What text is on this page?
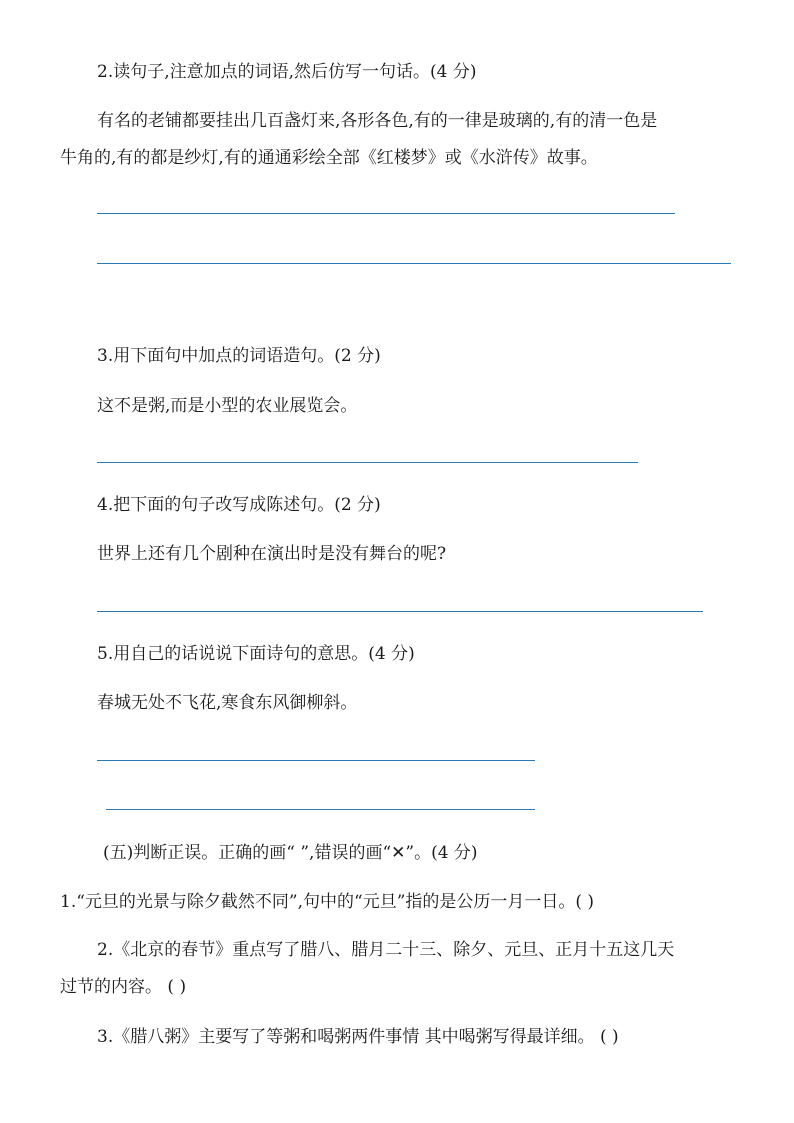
2.读句子,注意加点的词语,然后仿写一句话。(4 分)
有名的老铺都要挂出几百盏灯来,各形各色,有的一律是玻璃的,有的清一色是
牛角的,有的都是纱灯,有的通通彩绘全部《红楼梦》或《水浒传》故事。
3.用下面句中加点的词语造句。(2 分)
这不是粥,而是小型的农业展览会。
4.把下面的句子改写成陈述句。(2 分)
世界上还有几个剧种在演出时是没有舞台的呢?
5.用自己的话说说下面诗句的意思。(4 分)
春城无处不飞花,寒食东风御柳斜。
(五)判断正误。正确的画“ ”,错误的画“✕”。(4 分)
1.“元旦的光景与除夕截然不同”,句中的“元旦”指的是公历一月一日。( )
2.《北京的春节》重点写了腊八、腊月二十三、除夕、元旦、正月十五这几天
过节的内容。 ( )
3.《腊八粥》主要写了等粥和喝粥两件事情 其中喝粥写得最详细。 ( )
